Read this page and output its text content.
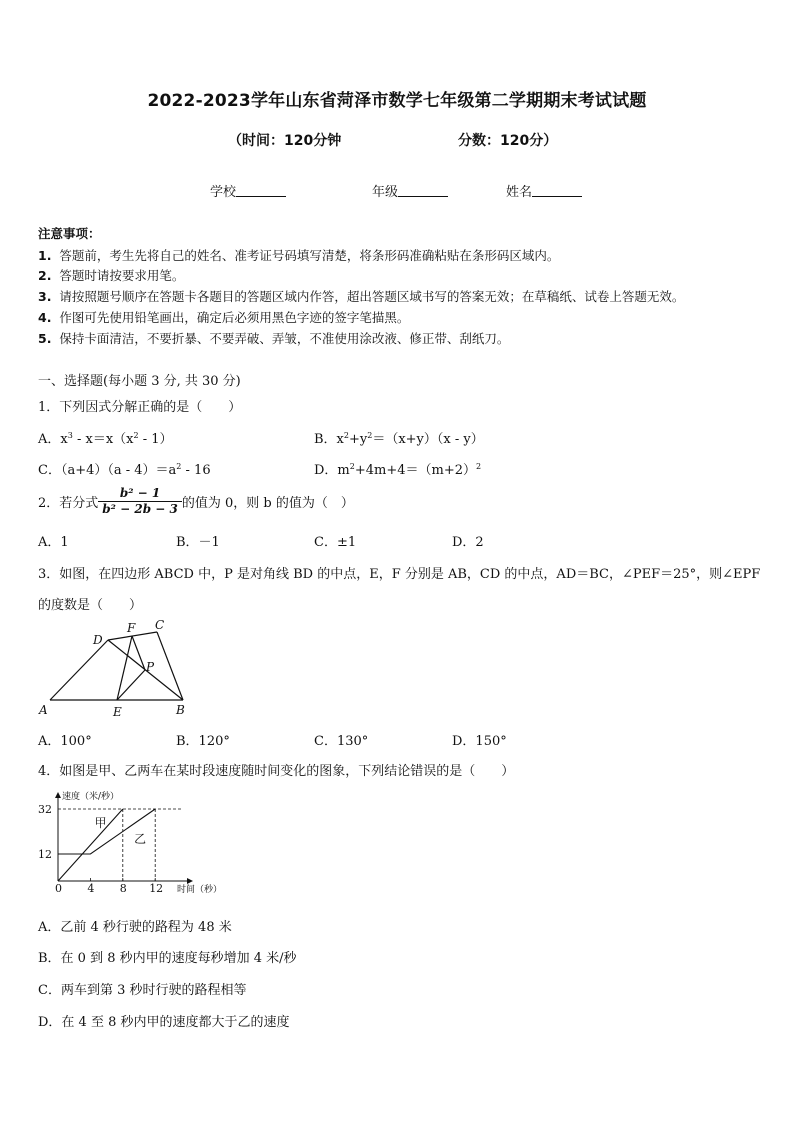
2022-2023学年山东省菏泽市数学七年级第二学期期末考试试题
（时间：120分钟	分数：120分）
学校	年级	姓名
注意事项：
1. 答题前，考生先将自己的姓名、准考证号码填写清楚，将条形码准确粘贴在条形码区域内。
2. 答题时请按要求用笔。
3. 请按照题号顺序在答题卡各题目的答题区域内作答，超出答题区域书写的答案无效；在草稿纸、试卷上答题无效。
4. 作图可先使用铅笔画出，确定后必须用黑色字迹的签字笔描黑。
5. 保持卡面清洁，不要折暴、不要弄破、弄皱，不准使用涂改液、修正带、刮纸刀。
一、选择题(每小题 3 分, 共 30 分)
1．下列因式分解正确的是（　　）
A．$x^3 - x=x(x^2 - 1)$	B．$x^2+y^2=(x+y)(x - y)$
C．$(a+4)(a - 4)=a^2 - 16$	D．$m^2+4m+4=(m+2)^2$
2．若分式 $\frac{\text{b² − 1}}{\text{b² − 2b − 3}}$ 的值为 0，则 b 的值为（　）
A．1	B．－1	C．±1	D．2
3．如图，在四边形 ABCD 中，P 是对角线 BD 的中点，E，F 分别是 AB，CD 的中点，AD＝BC，∠PEF＝25°，则∠EPF
的度数是（　　）
D
F C
P
A	E	B
A．100°	B．120°	C．130°	D．150°
4．如图是甲、乙两车在某时段速度随时间变化的图象，下列结论错误的是（　　）
0 4 8 12
12
32
甲
乙
速度（米/秒）
时间（秒）
A．乙前 4 秒行驶的路程为 48 米
B．在 0 到 8 秒内甲的速度每秒增加 4 米/秒
C．两车到第 3 秒时行驶的路程相等
D．在 4 至 8 秒内甲的速度都大于乙的速度
